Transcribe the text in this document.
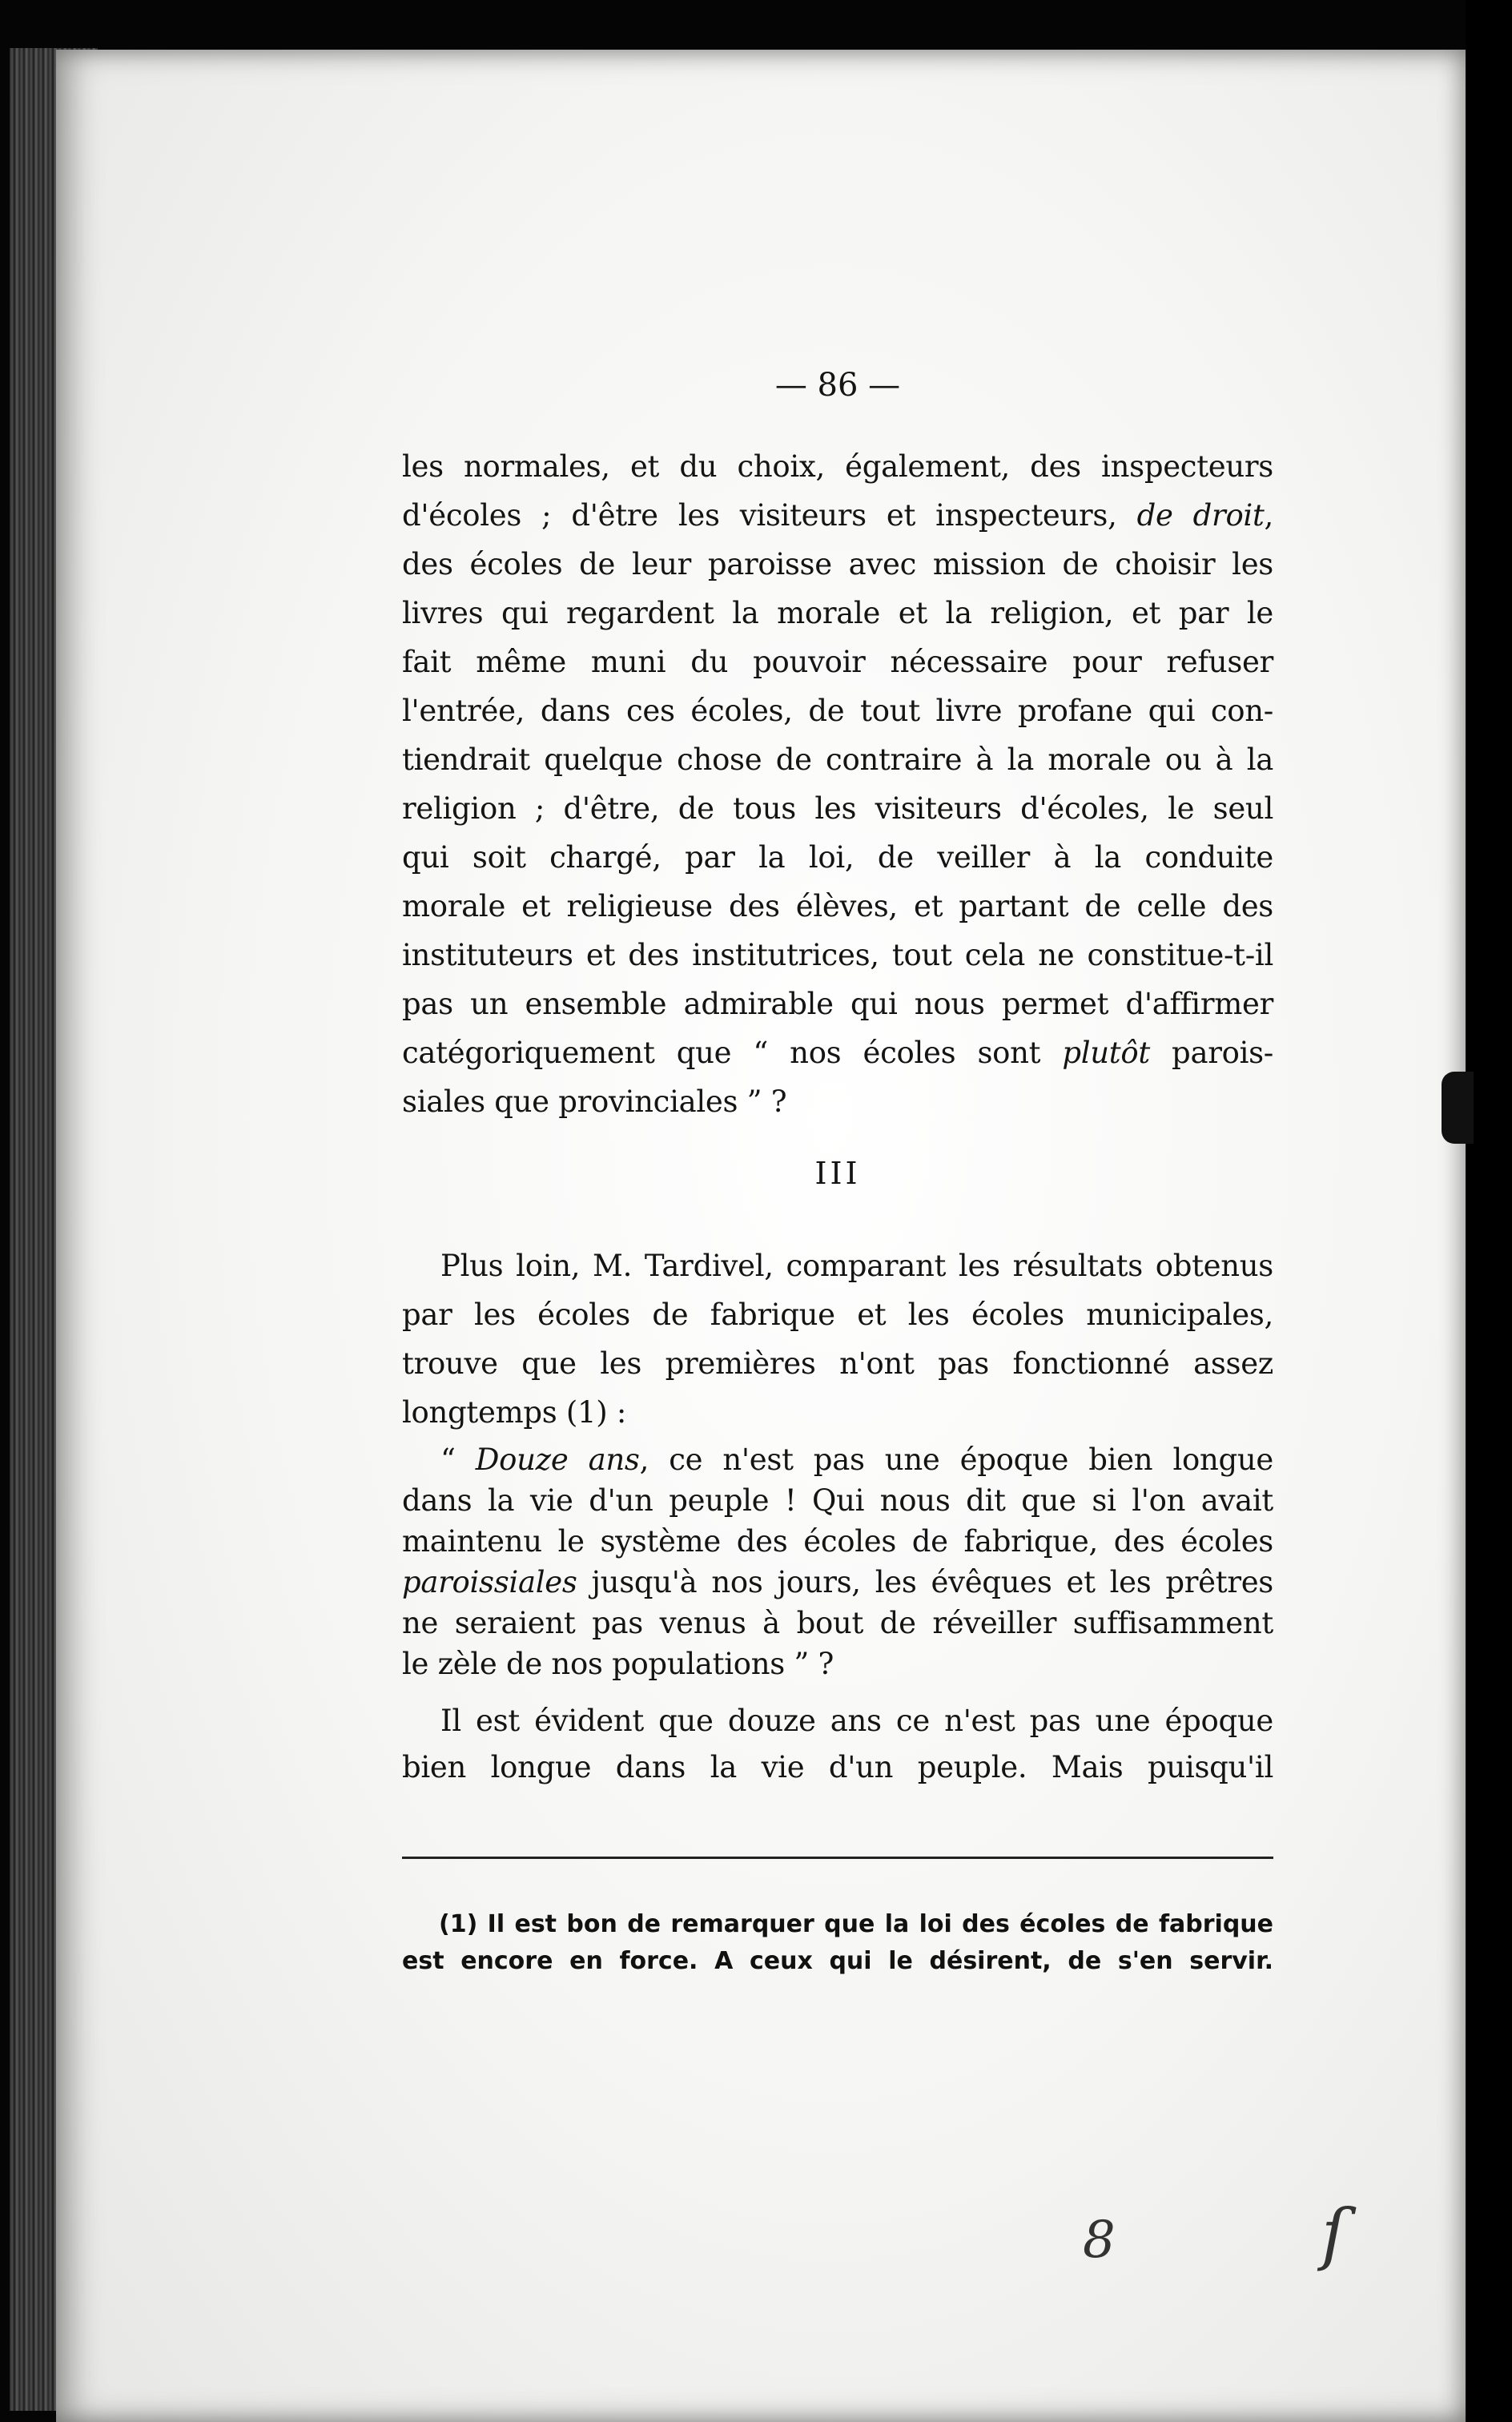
— 86 —
les normales, et du choix, également, des inspecteurs
d'écoles ; d'être les visiteurs et inspecteurs, de droit,
des écoles de leur paroisse avec mission de choisir les
livres qui regardent la morale et la religion, et par le
fait même muni du pouvoir nécessaire pour refuser
l'entrée, dans ces écoles, de tout livre profane qui con-
tiendrait quelque chose de contraire à la morale ou à la
religion ; d'être, de tous les visiteurs d'écoles, le seul
qui soit chargé, par la loi, de veiller à la conduite
morale et religieuse des élèves, et partant de celle des
instituteurs et des institutrices, tout cela ne constitue-t-il
pas un ensemble admirable qui nous permet d'affirmer
catégoriquement que “ nos écoles sont plutôt parois-
siales que provinciales ” ?
III
Plus loin, M. Tardivel, comparant les résultats obtenus
par les écoles de fabrique et les écoles municipales,
trouve que les premières n'ont pas fonctionné assez
longtemps (1) :
“ Douze ans, ce n'est pas une époque bien longue
dans la vie d'un peuple ! Qui nous dit que si l'on avait
maintenu le système des écoles de fabrique, des écoles
paroissiales jusqu'à nos jours, les évêques et les prêtres
ne seraient pas venus à bout de réveiller suffisamment
le zèle de nos populations ” ?
Il est évident que douze ans ce n'est pas une époque
bien longue dans la vie d'un peuple. Mais puisqu'il
(1) Il est bon de remarquer que la loi des écoles de fabrique
est encore en force. A ceux qui le désirent, de s'en servir.
8	ſ
